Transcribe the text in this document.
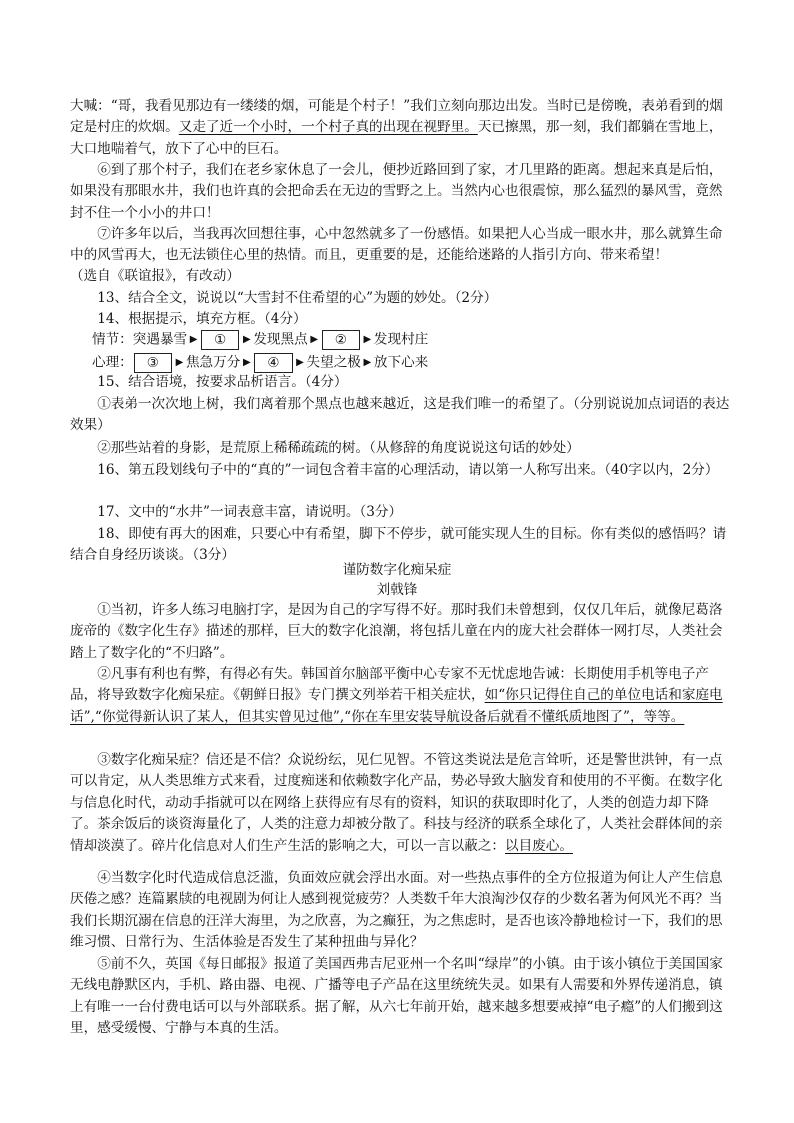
大喊：“哥，我看见那边有一缕缕的烟，可能是个村子！”我们立刻向那边出发。当时已是傍晚，表弟看到的烟定是村庄的炊烟。又走了近一个小时，一个村子真的出现在视野里。天已擦黑，那一刻，我们都躺在雪地上，大口地喘着气，放下了心中的巨石。

⑥到了那个村子，我们在老乡家休息了一会儿，便抄近路回到了家，才几里路的距离。想起来真是后怕，如果没有那眼水井，我们也许真的会把命丢在无边的雪野之上。当然内心也很震惊，那么猛烈的暴风雪，竟然封不住一个小小的井口！

⑦许多年以后，当我再次回想往事，心中忽然就多了一份感悟。如果把人心当成一眼水井，那么就算生命中的风雪再大，也无法锁住心里的热情。而且，更重要的是，还能给迷路的人指引方向、带来希望！

（选自《联谊报》，有改动）

13、结合全文，说说以“大雪封不住希望的心”为题的妙处。（2分）

14、根据提示，填充方框。（4分）

情节：突遇暴雪 ▶ ① ▶ 发现黑点 ▶ ② ▶ 发现村庄
心理： ③ ▶ 焦急万分 ▶ ④ ▶ 失望之极 ▶ 放下心来

15、结合语境，按要求品析语言。（4分）

①表弟一次次地上树，我们离着那个黑点也越来越近，这是我们唯一的希望了。（分别说说加点词语的表达效果）

②那些站着的身影，是荒原上稀稀疏疏的树。（从修辞的角度说说这句话的妙处）

16、第五段划线句子中的“真的”一词包含着丰富的心理活动，请以第一人称写出来。（40字以内，2分）

17、文中的“水井”一词表意丰富，请说明。（3分）

18、即使有再大的困难，只要心中有希望，脚下不停步，就可能实现人生的目标。你有类似的感悟吗？请结合自身经历谈谈。（3分）

谨防数字化痴呆症
刘戟锋

①当初，许多人练习电脑打字，是因为自己的字写得不好。那时我们未曾想到，仅仅几年后，就像尼葛洛庞帝的《数字化生存》描述的那样，巨大的数字化浪潮，将包括儿童在内的庞大社会群体一网打尽，人类社会踏上了数字化的“不归路”。

②凡事有利也有弊，有得必有失。韩国首尔脑部平衡中心专家不无忧虑地告诫：长期使用手机等电子产品，将导致数字化痴呆症。《朝鲜日报》专门撰文列举若干相关症状，如“你只记得住自己的单位电话和家庭电话”,“你觉得新认识了某人，但其实曾见过他”,“你在车里安装导航设备后就看不懂纸质地图了”，等等。

③数字化痴呆症？信还是不信？众说纷纭，见仁见智。不管这类说法是危言耸听，还是警世洪钟，有一点可以肯定，从人类思维方式来看，过度痴迷和依赖数字化产品，势必导致大脑发育和使用的不平衡。在数字化与信息化时代，动动手指就可以在网络上获得应有尽有的资料，知识的获取即时化了，人类的创造力却下降了。茶余饭后的谈资海量化了，人类的注意力却被分散了。科技与经济的联系全球化了，人类社会群体间的亲情却淡漠了。碎片化信息对人们生产生活的影响之大，可以一言以蔽之：以目废心。

④当数字化时代造成信息泛滥，负面效应就会浮出水面。对一些热点事件的全方位报道为何让人产生信息厌倦之感？连篇累牍的电视剧为何让人感到视觉疲劳？人类数千年大浪淘沙仅存的少数名著为何风光不再？当我们长期沉溺在信息的汪洋大海里，为之欣喜，为之癫狂，为之焦虑时，是否也该冷静地检讨一下，我们的思维习惯、日常行为、生活体验是否发生了某种扭曲与异化？

⑤前不久，英国《每日邮报》报道了美国西弗吉尼亚州一个名叫“绿岸”的小镇。由于该小镇位于美国国家无线电静默区内，手机、路由器、电视、广播等电子产品在这里统统失灵。如果有人需要和外界传递消息，镇上有唯一一台付费电话可以与外部联系。据了解，从六七年前开始，越来越多想要戒掉“电子瘾”的人们搬到这里，感受缓慢、宁静与本真的生活。
